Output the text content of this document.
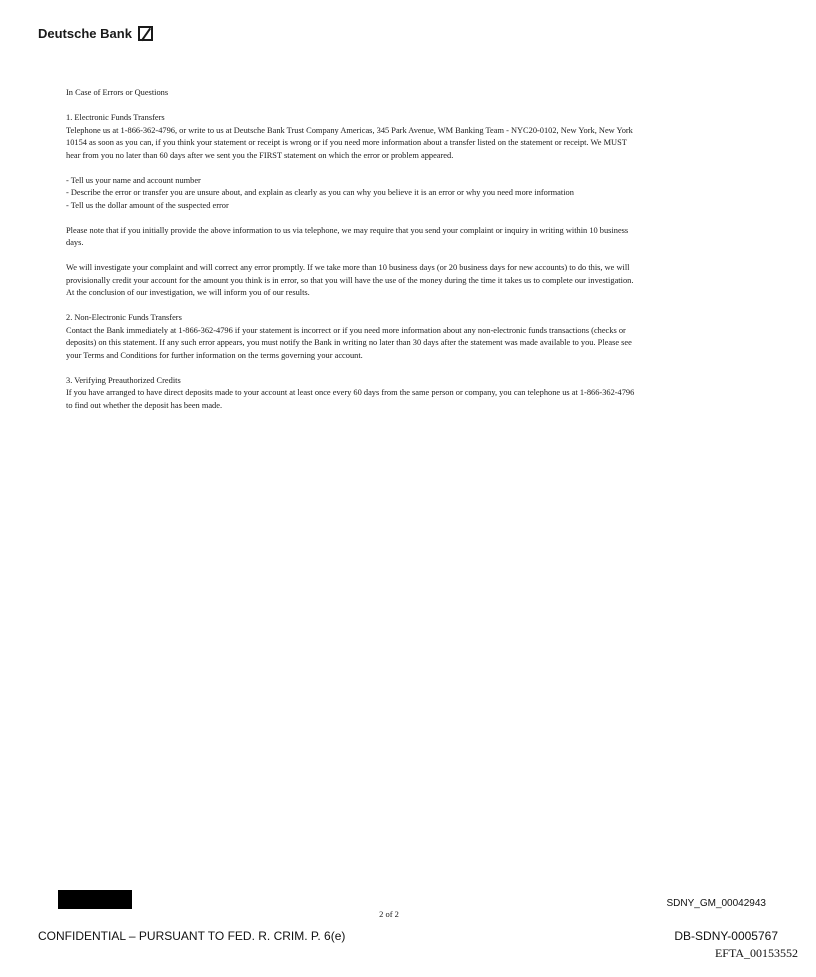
Deutsche Bank

In Case of Errors or Questions

1. Electronic Funds Transfers
Telephone us at 1-866-362-4796, or write to us at Deutsche Bank Trust Company Americas, 345 Park Avenue, WM Banking Team - NYC20-0102, New York, New York 10154 as soon as you can, if you think your statement or receipt is wrong or if you need more information about a transfer listed on the statement or receipt. We MUST hear from you no later than 60 days after we sent you the FIRST statement on which the error or problem appeared.

- Tell us your name and account number
- Describe the error or transfer you are unsure about, and explain as clearly as you can why you believe it is an error or why you need more information
- Tell us the dollar amount of the suspected error

Please note that if you initially provide the above information to us via telephone, we may require that you send your complaint or inquiry in writing within 10 business days.

We will investigate your complaint and will correct any error promptly. If we take more than 10 business days (or 20 business days for new accounts) to do this, we will provisionally credit your account for the amount you think is in error, so that you will have the use of the money during the time it takes us to complete our investigation. At the conclusion of our investigation, we will inform you of our results.

2. Non-Electronic Funds Transfers
Contact the Bank immediately at 1-866-362-4796 if your statement is incorrect or if you need more information about any non-electronic funds transactions (checks or deposits) on this statement. If any such error appears, you must notify the Bank in writing no later than 30 days after the statement was made available to you. Please see your Terms and Conditions for further information on the terms governing your account.

3. Verifying Preauthorized Credits
If you have arranged to have direct deposits made to your account at least once every 60 days from the same person or company, you can telephone us at 1-866-362-4796 to find out whether the deposit has been made.

2 of 2
SDNY_GM_00042943
CONFIDENTIAL – PURSUANT TO FED. R. CRIM. P. 6(e)	DB-SDNY-0005767
EFTA_00153552
